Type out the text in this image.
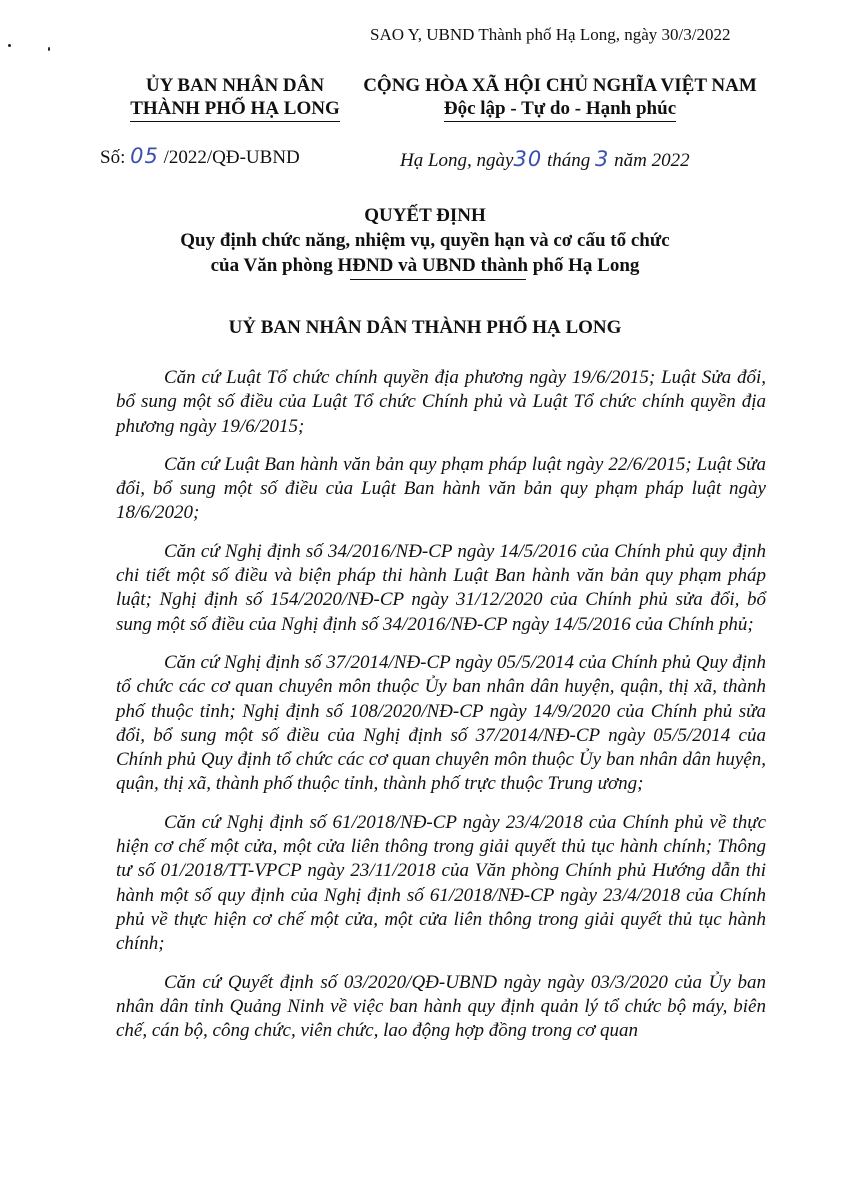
SAO Y, UBND Thành phố Hạ Long, ngày 30/3/2022
ỦY BAN NHÂN DÂN
THÀNH PHỐ HẠ LONG
CỘNG HÒA XÃ HỘI CHỦ NGHĨA VIỆT NAM
Độc lập - Tự do - Hạnh phúc
Số: 05 /2022/QĐ-UBND	Hạ Long, ngày30 tháng 3 năm 2022
QUYẾT ĐỊNH
Quy định chức năng, nhiệm vụ, quyền hạn và cơ cấu tổ chức
của Văn phòng HĐND và UBND thành phố Hạ Long
UỶ BAN NHÂN DÂN THÀNH PHỐ HẠ LONG

Căn cứ Luật Tổ chức chính quyền địa phương ngày 19/6/2015; Luật Sửa đổi, bổ sung một số điều của Luật Tổ chức Chính phủ và Luật Tổ chức chính quyền địa phương ngày 19/6/2015;

Căn cứ Luật Ban hành văn bản quy phạm pháp luật ngày 22/6/2015; Luật Sửa đổi, bổ sung một số điều của Luật Ban hành văn bản quy phạm pháp luật ngày 18/6/2020;

Căn cứ Nghị định số 34/2016/NĐ-CP ngày 14/5/2016 của Chính phủ quy định chi tiết một số điều và biện pháp thi hành Luật Ban hành văn bản quy phạm pháp luật; Nghị định số 154/2020/NĐ-CP ngày 31/12/2020 của Chính phủ sửa đổi, bổ sung một số điều của Nghị định số 34/2016/NĐ-CP ngày 14/5/2016 của Chính phủ;

Căn cứ Nghị định số 37/2014/NĐ-CP ngày 05/5/2014 của Chính phủ Quy định tổ chức các cơ quan chuyên môn thuộc Ủy ban nhân dân huyện, quận, thị xã, thành phố thuộc tỉnh; Nghị định số 108/2020/NĐ-CP ngày 14/9/2020 của Chính phủ sửa đổi, bổ sung một số điều của Nghị định số 37/2014/NĐ-CP ngày 05/5/2014 của Chính phủ Quy định tổ chức các cơ quan chuyên môn thuộc Ủy ban nhân dân huyện, quận, thị xã, thành phố thuộc tỉnh, thành phố trực thuộc Trung ương;

Căn cứ Nghị định số 61/2018/NĐ-CP ngày 23/4/2018 của Chính phủ về thực hiện cơ chế một cửa, một cửa liên thông trong giải quyết thủ tục hành chính; Thông tư số 01/2018/TT-VPCP ngày 23/11/2018 của Văn phòng Chính phủ Hướng dẫn thi hành một số quy định của Nghị định số 61/2018/NĐ-CP ngày 23/4/2018 của Chính phủ về thực hiện cơ chế một cửa, một cửa liên thông trong giải quyết thủ tục hành chính;

Căn cứ Quyết định số 03/2020/QĐ-UBND ngày ngày 03/3/2020 của Ủy ban nhân dân tỉnh Quảng Ninh về việc ban hành quy định quản lý tổ chức bộ máy, biên chế, cán bộ, công chức, viên chức, lao động hợp đồng trong cơ quan
